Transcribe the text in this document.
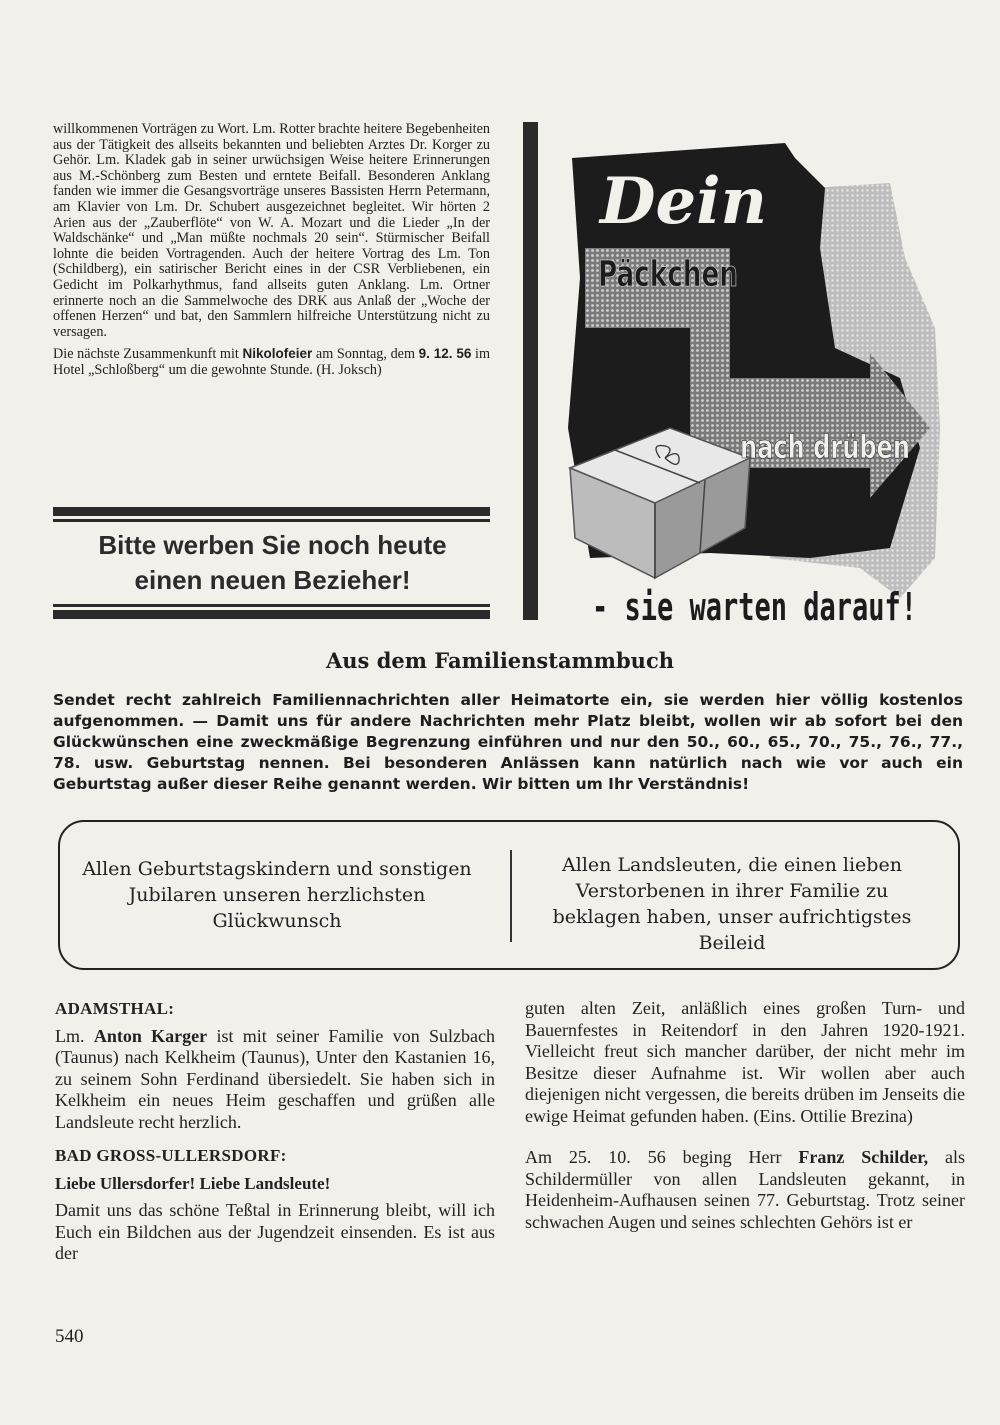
willkommenen Vorträgen zu Wort. Lm. Rotter brachte heitere Begebenheiten aus der Tätigkeit des allseits bekannten und beliebten Arztes Dr. Korger zu Gehör. Lm. Kladek gab in seiner urwüchsigen Weise heitere Erinnerungen aus M.-Schönberg zum Besten und erntete Beifall. Besonderen Anklang fanden wie immer die Gesangsvorträge unseres Bassisten Herrn Petermann, am Klavier von Lm. Dr. Schubert ausgezeichnet begleitet. Wir hörten 2 Arien aus der „Zauberflöte“ von W. A. Mozart und die Lieder „In der Waldschänke“ und „Man müßte nochmals 20 sein“. Stürmischer Beifall lohnte die beiden Vortragenden. Auch der heitere Vortrag des Lm. Ton (Schildberg), ein satirischer Bericht eines in der CSR Verbliebenen, ein Gedicht im Polkarhythmus, fand allseits guten Anklang. Lm. Ortner erinnerte noch an die Sammelwoche des DRK aus Anlaß der „Woche der offenen Herzen“ und bat, den Sammlern hilfreiche Unterstützung nicht zu versagen.

Die nächste Zusammenkunft mit Nikolofeier am Sonntag, dem 9. 12. 56 im Hotel „Schloßberg“ um die gewohnte Stunde. (H. Joksch)

Bitte werben Sie noch heute
einen neuen Bezieher!
Dein
Päckchen
nach drüben
- sie warten darauf!
Aus dem Familienstammbuch
Sendet recht zahlreich Familiennachrichten aller Heimatorte ein, sie werden hier völlig kostenlos aufgenommen. — Damit uns für andere Nachrichten mehr Platz bleibt, wollen wir ab sofort bei den Glückwünschen eine zweckmäßige Begrenzung einführen und nur den 50., 60., 65., 70., 75., 76., 77., 78. usw. Geburtstag nennen. Bei besonderen Anlässen kann natürlich nach wie vor auch ein Geburtstag außer dieser Reihe genannt werden. Wir bitten um Ihr Verständnis!
Allen Geburtstagskindern und sonstigen Jubilaren unseren herzlichsten Glückwunsch
Allen Landsleuten, die einen lieben Verstorbenen in ihrer Familie zu beklagen haben, unser aufrichtigstes Beileid
ADAMSTHAL:

Lm. Anton Karger ist mit seiner Familie von Sulzbach (Taunus) nach Kelkheim (Taunus), Unter den Kastanien 16, zu seinem Sohn Ferdinand übersiedelt. Sie haben sich in Kelkheim ein neues Heim geschaffen und grüßen alle Landsleute recht herzlich.

BAD GROSS-ULLERSDORF:
Liebe Ullersdorfer! Liebe Landsleute!

Damit uns das schöne Teßtal in Erinnerung bleibt, will ich Euch ein Bildchen aus der Jugendzeit einsenden. Es ist aus der

guten alten Zeit, anläßlich eines großen Turn- und Bauernfestes in Reitendorf in den Jahren 1920-1921. Vielleicht freut sich mancher darüber, der nicht mehr im Besitze dieser Aufnahme ist. Wir wollen aber auch diejenigen nicht vergessen, die bereits drüben im Jenseits die ewige Heimat gefunden haben. (Eins. Ottilie Brezina)

Am 25. 10. 56 beging Herr Franz Schilder, als Schildermüller von allen Landsleuten gekannt, in Heidenheim-Aufhausen seinen 77. Geburtstag. Trotz seiner schwachen Augen und seines schlechten Gehörs ist er

540
